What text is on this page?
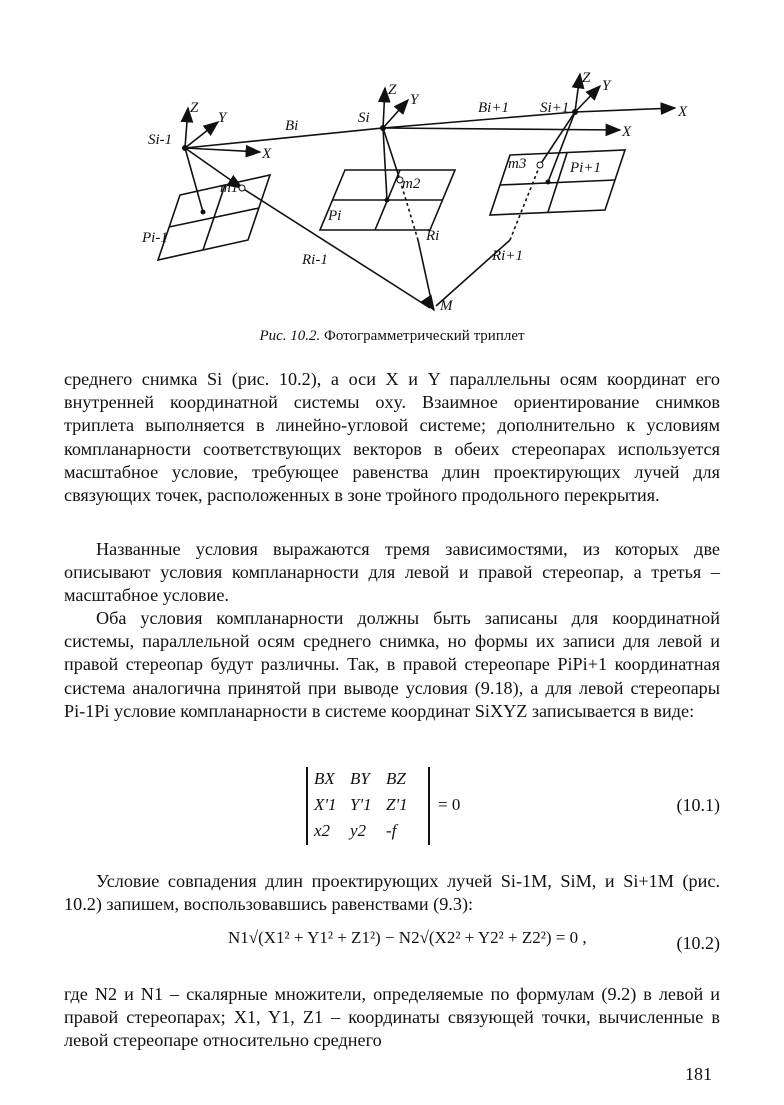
Si-1
Z
Y
X
Bi	Si
Z
Y	Bi+1 Si+1
Z Y
X
X
m1	m2
m3
Pi-1
Pi
Pi+1
Ri-1
Ri
Ri+1
M
Рис. 10.2. Фотограмметрический триплет

среднего снимка Si (рис. 10.2), а оси X и Y параллельны осям координат его внутренней координатной системы oxy. Взаимное ориентирование снимков триплета выполняется в линейно-угловой системе; дополнительно к условиям компланарности соответствующих векторов в обеих стереопарах используется масштабное условие, требующее равенства длин проектирующих лучей для связующих точек, расположенных в зоне тройного продольного перекрытия.

Названные условия выражаются тремя зависимостями, из которых две описывают условия компланарности для левой и правой стереопар, а третья – масштабное условие.

Оба условия компланарности должны быть записаны для координатной системы, параллельной осям среднего снимка, но формы их записи для левой и правой стереопар будут различны. Так, в правой стереопаре PiPi+1 координатная система аналогична принятой при выводе условия (9.18), а для левой стереопары Pi-1Pi условие компланарности в системе координат SiXYZ записывается в виде:

BX BY BZ
X'1 Y'1 Z'1
x2	y2	-f
= 0	(10.1)

Условие совпадения длин проектирующих лучей Si-1M, SiM, и Si+1M (рис. 10.2) запишем, воспользовавшись равенствами (9.3):

N1√(X1² + Y1² + Z1²) − N2√(X2² + Y2² + Z2²) = 0 ,	(10.2)

где N2 и N1 – скалярные множители, определяемые по формулам (9.2) в левой и правой стереопарах; X1, Y1, Z1 – координаты связующей точки, вычисленные в левой стереопаре относительно среднего

181
